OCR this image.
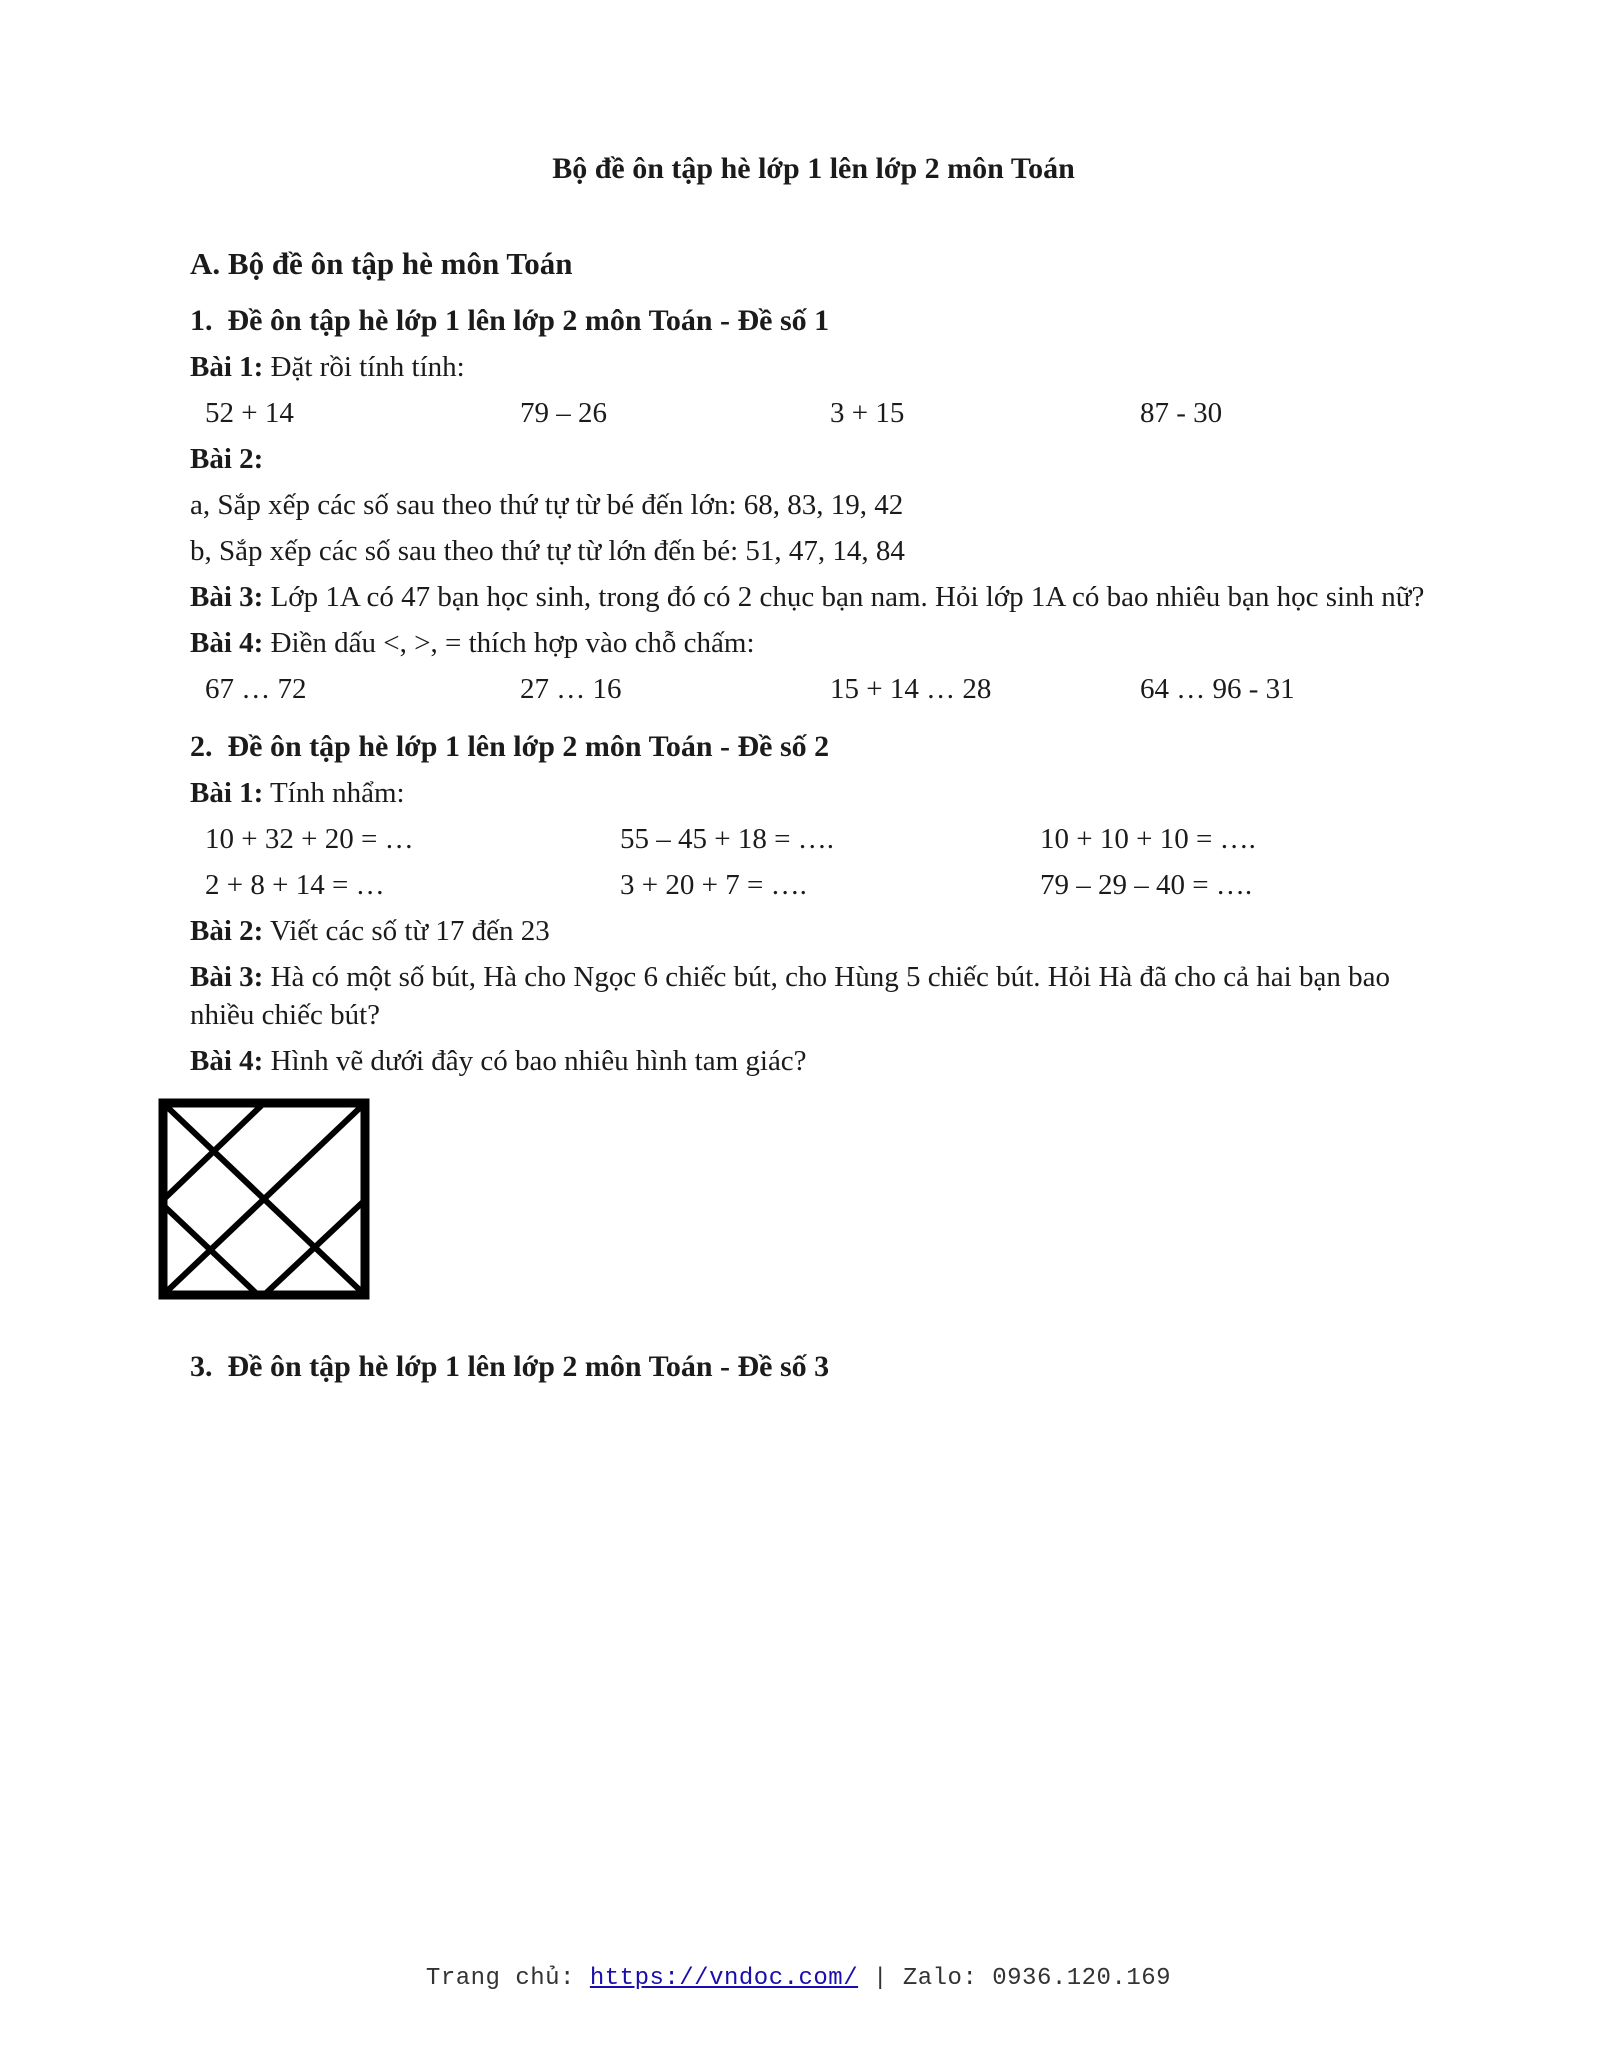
Bộ đề ôn tập hè lớp 1 lên lớp 2 môn Toán
A. Bộ đề ôn tập hè môn Toán
1.  Đề ôn tập hè lớp 1 lên lớp 2 môn Toán - Đề số 1

Bài 1: Đặt rồi tính tính:

52 + 14	79 – 26	3 + 15	87 - 30

Bài 2:

a, Sắp xếp các số sau theo thứ tự từ bé đến lớn: 68, 83, 19, 42

b, Sắp xếp các số sau theo thứ tự từ lớn đến bé: 51, 47, 14, 84

Bài 3: Lớp 1A có 47 bạn học sinh, trong đó có 2 chục bạn nam. Hỏi lớp 1A có bao nhiêu bạn học sinh nữ?

Bài 4: Điền dấu <, >, = thích hợp vào chỗ chấm:

67 … 72	27 … 16	15 + 14 … 28	64 … 96 - 31
2.  Đề ôn tập hè lớp 1 lên lớp 2 môn Toán - Đề số 2

Bài 1: Tính nhẩm:

10 + 32 + 20 = …	55 – 45 + 18 = ….	10 + 10 + 10 = ….
2 + 8 + 14 = …	3 + 20 + 7 = ….	79 – 29 – 40 = ….

Bài 2: Viết các số từ 17 đến 23

Bài 3: Hà có một số bút, Hà cho Ngọc 6 chiếc bút, cho Hùng 5 chiếc bút. Hỏi Hà đã cho cả hai bạn bao nhiều chiếc bút?

Bài 4: Hình vẽ dưới đây có bao nhiêu hình tam giác?

3.  Đề ôn tập hè lớp 1 lên lớp 2 môn Toán - Đề số 3
Trang chủ: https://vndoc.com/ | Zalo: 0936.120.169
